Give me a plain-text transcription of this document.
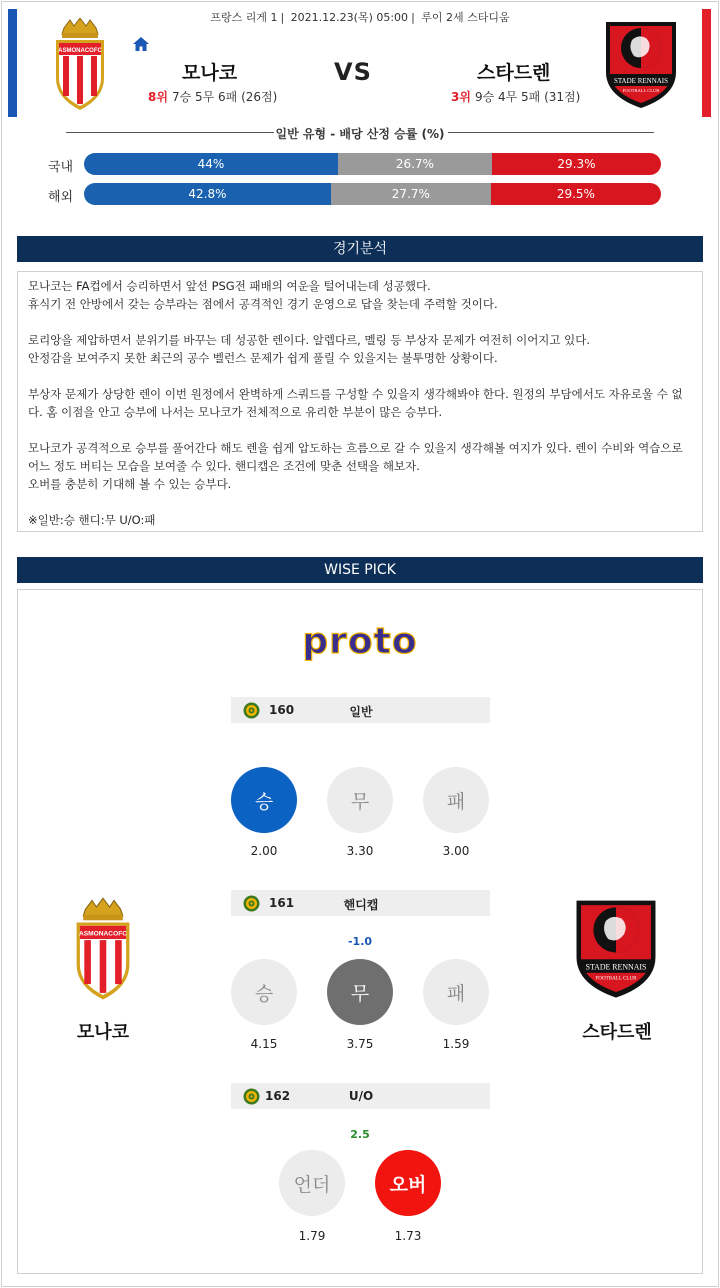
프랑스 리게 1 | 2021.12.23(목) 05:00 | 루이 2세 스타디움
ASMONACOFC
모나코	VS	스타드렌
8위 7승 5무 6패 (26점)	3위 9승 4무 5패 (31점)
STADE RENNAIS
FOOTBALL CLUB
일반 유형 - 배당 산정 승률 (%)
국내	44%	26.7%	29.3%
해외	42.8%	27.7%	29.5%
경기분석

모나코는 FA컵에서 승리하면서 앞선 PSG전 패배의 여운을 털어내는데 성공했다.
휴식기 전 안방에서 갖는 승부라는 점에서 공격적인 경기 운영으로 답을 찾는데 주력할 것이다.

로리앙을 제압하면서 분위기를 바꾸는 데 성공한 렌이다. 알렙다르, 멜링 등 부상자 문제가 여전히 이어지고 있다.
안정감을 보여주지 못한 최근의 공수 벨런스 문제가 쉽게 풀릴 수 있을지는 불투명한 상황이다.

부상자 문제가 상당한 렌이 이번 원정에서 완벽하게 스쿼드를 구성할 수 있을지 생각해봐야 한다. 원정의 부담에서도 자유로울 수 없다. 홈 이점을 안고 승부에 나서는 모나코가 전체적으로 유리한 부분이 많은 승부다.

모나코가 공격적으로 승부를 풀어간다 해도 렌을 쉽게 압도하는 흐름으로 갈 수 있을지 생각해볼 여지가 있다. 렌이 수비와 역습으로 어느 정도 버티는 모습을 보여줄 수 있다. 핸디캡은 조건에 맞춘 선택을 해보자.
오버를 충분히 기대해 볼 수 있는 승부다.

※일반:승 핸디:무 U/O:패

WISE PICK
proto
160	일반
승	무	패
2.00	3.30	3.00
161	핸디캡
-1.0
승	무	패
4.15	3.75	1.59
162	U/O
2.5
언더	오버
1.79	1.73
ASMONACOFC
모나코
STADE RENNAIS
FOOTBALL CLUB
스타드렌
